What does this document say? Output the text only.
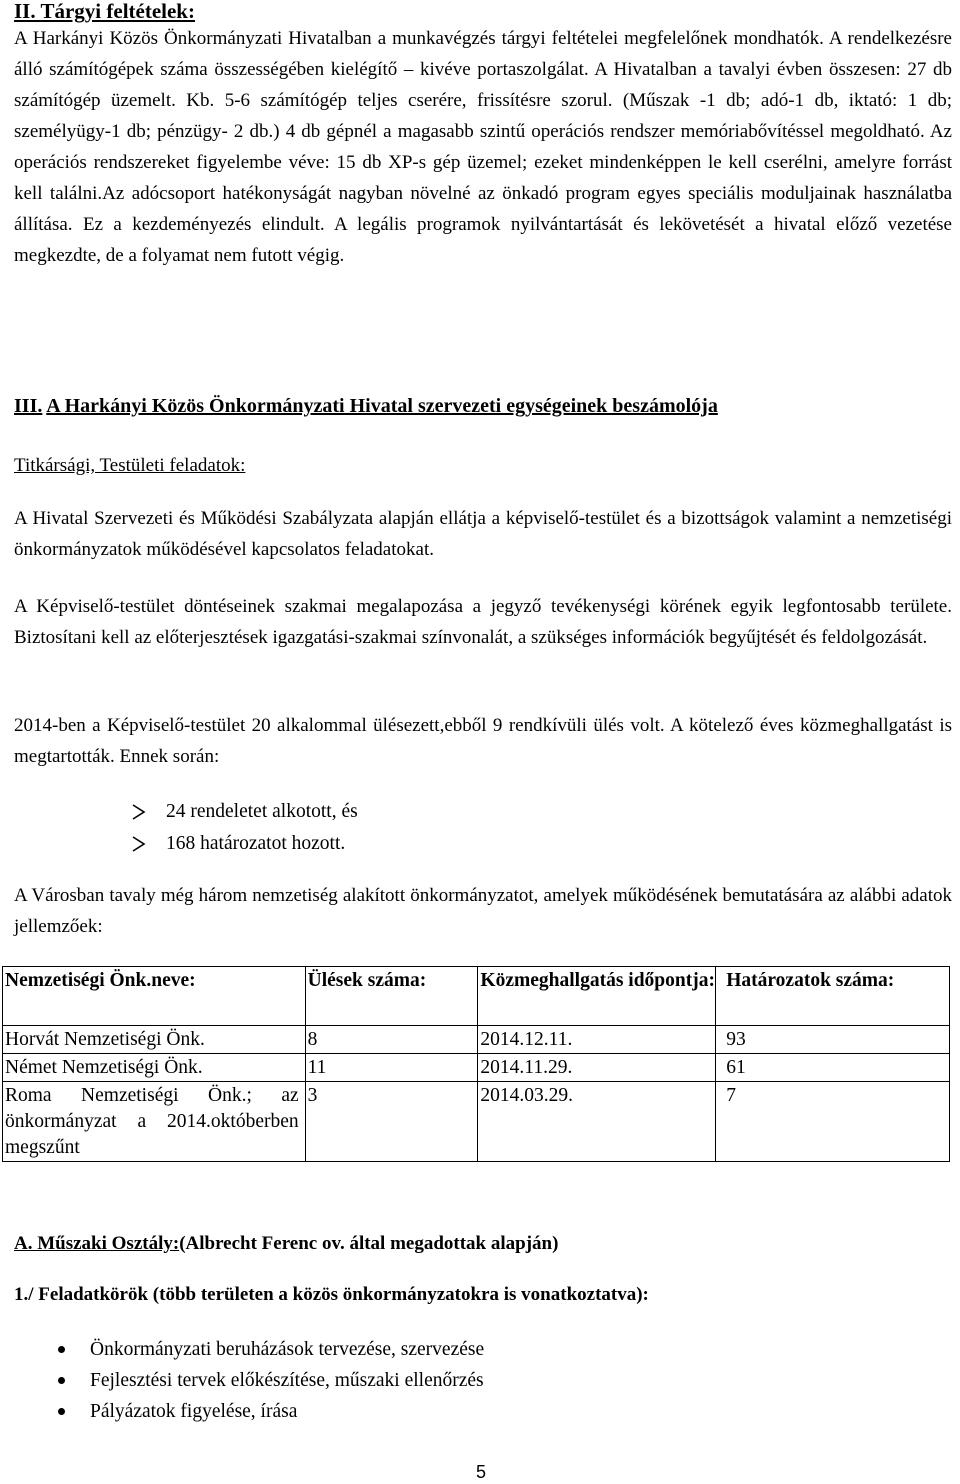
II. Tárgyi feltételek:

A Harkányi Közös Önkormányzati Hivatalban a munkavégzés tárgyi feltételei megfelelőnek mondhatók. A rendelkezésre álló számítógépek száma összességében kielégítő – kivéve portaszolgálat. A Hivatalban a tavalyi évben összesen: 27 db számítógép üzemelt. Kb. 5-6 számítógép teljes cserére, frissítésre szorul. (Műszak -1 db; adó-1 db, iktató: 1 db; személyügy-1 db; pénzügy- 2 db.) 4 db gépnél a magasabb szintű operációs rendszer memóriabővítéssel megoldható. Az operációs rendszereket figyelembe véve: 15 db XP-s gép üzemel; ezeket mindenképpen le kell cserélni, amelyre forrást kell találni.Az adócsoport hatékonyságát nagyban növelné az önkadó program egyes speciális moduljainak használatba állítása. Ez a kezdeményezés elindult. A legális programok nyilvántartását és lekövetését a hivatal előző vezetése megkezdte, de a folyamat nem futott végig.

III. A Harkányi Közös Önkormányzati Hivatal szervezeti egységeinek beszámolója
Titkársági, Testületi feladatok:

A Hivatal Szervezeti és Működési Szabályzata alapján ellátja a képviselő-testület és a bizottságok valamint a nemzetiségi önkormányzatok működésével kapcsolatos feladatokat.

A Képviselő-testület döntéseinek szakmai megalapozása a jegyző tevékenységi körének egyik legfontosabb területe. Biztosítani kell az előterjesztések igazgatási-szakmai színvonalát, a szükséges információk begyűjtését és feldolgozását.

2014-ben a Képviselő-testület 20 alkalommal ülésezett,ebből 9 rendkívüli ülés volt. A kötelező éves közmeghallgatást is megtartották. Ennek során:

24 rendeletet alkotott, és
168 határozatot hozott.

A Városban tavaly még három nemzetiség alakított önkormányzatot, amelyek működésének bemutatására az alábbi adatok jellemzőek:

Nemzetiségi Önk.neve:	Ülések száma:	Közmeghallgatás időpontja:	Határozatok száma:
Horvát Nemzetiségi Önk.	8	2014.12.11.	93
Német Nemzetiségi Önk.	11	2014.11.29.	61
Roma Nemzetiségi Önk.; az önkormányzat a 2014.októberben megszűnt	3	2014.03.29.	7
A. Műszaki Osztály:(Albrecht Ferenc ov. által megadottak alapján)
1./ Feladatkörök (több területen a közös önkormányzatokra is vonatkoztatva):
Önkormányzati beruházások tervezése, szervezése
Fejlesztési tervek előkészítése, műszaki ellenőrzés
Pályázatok figyelése, írása
5
